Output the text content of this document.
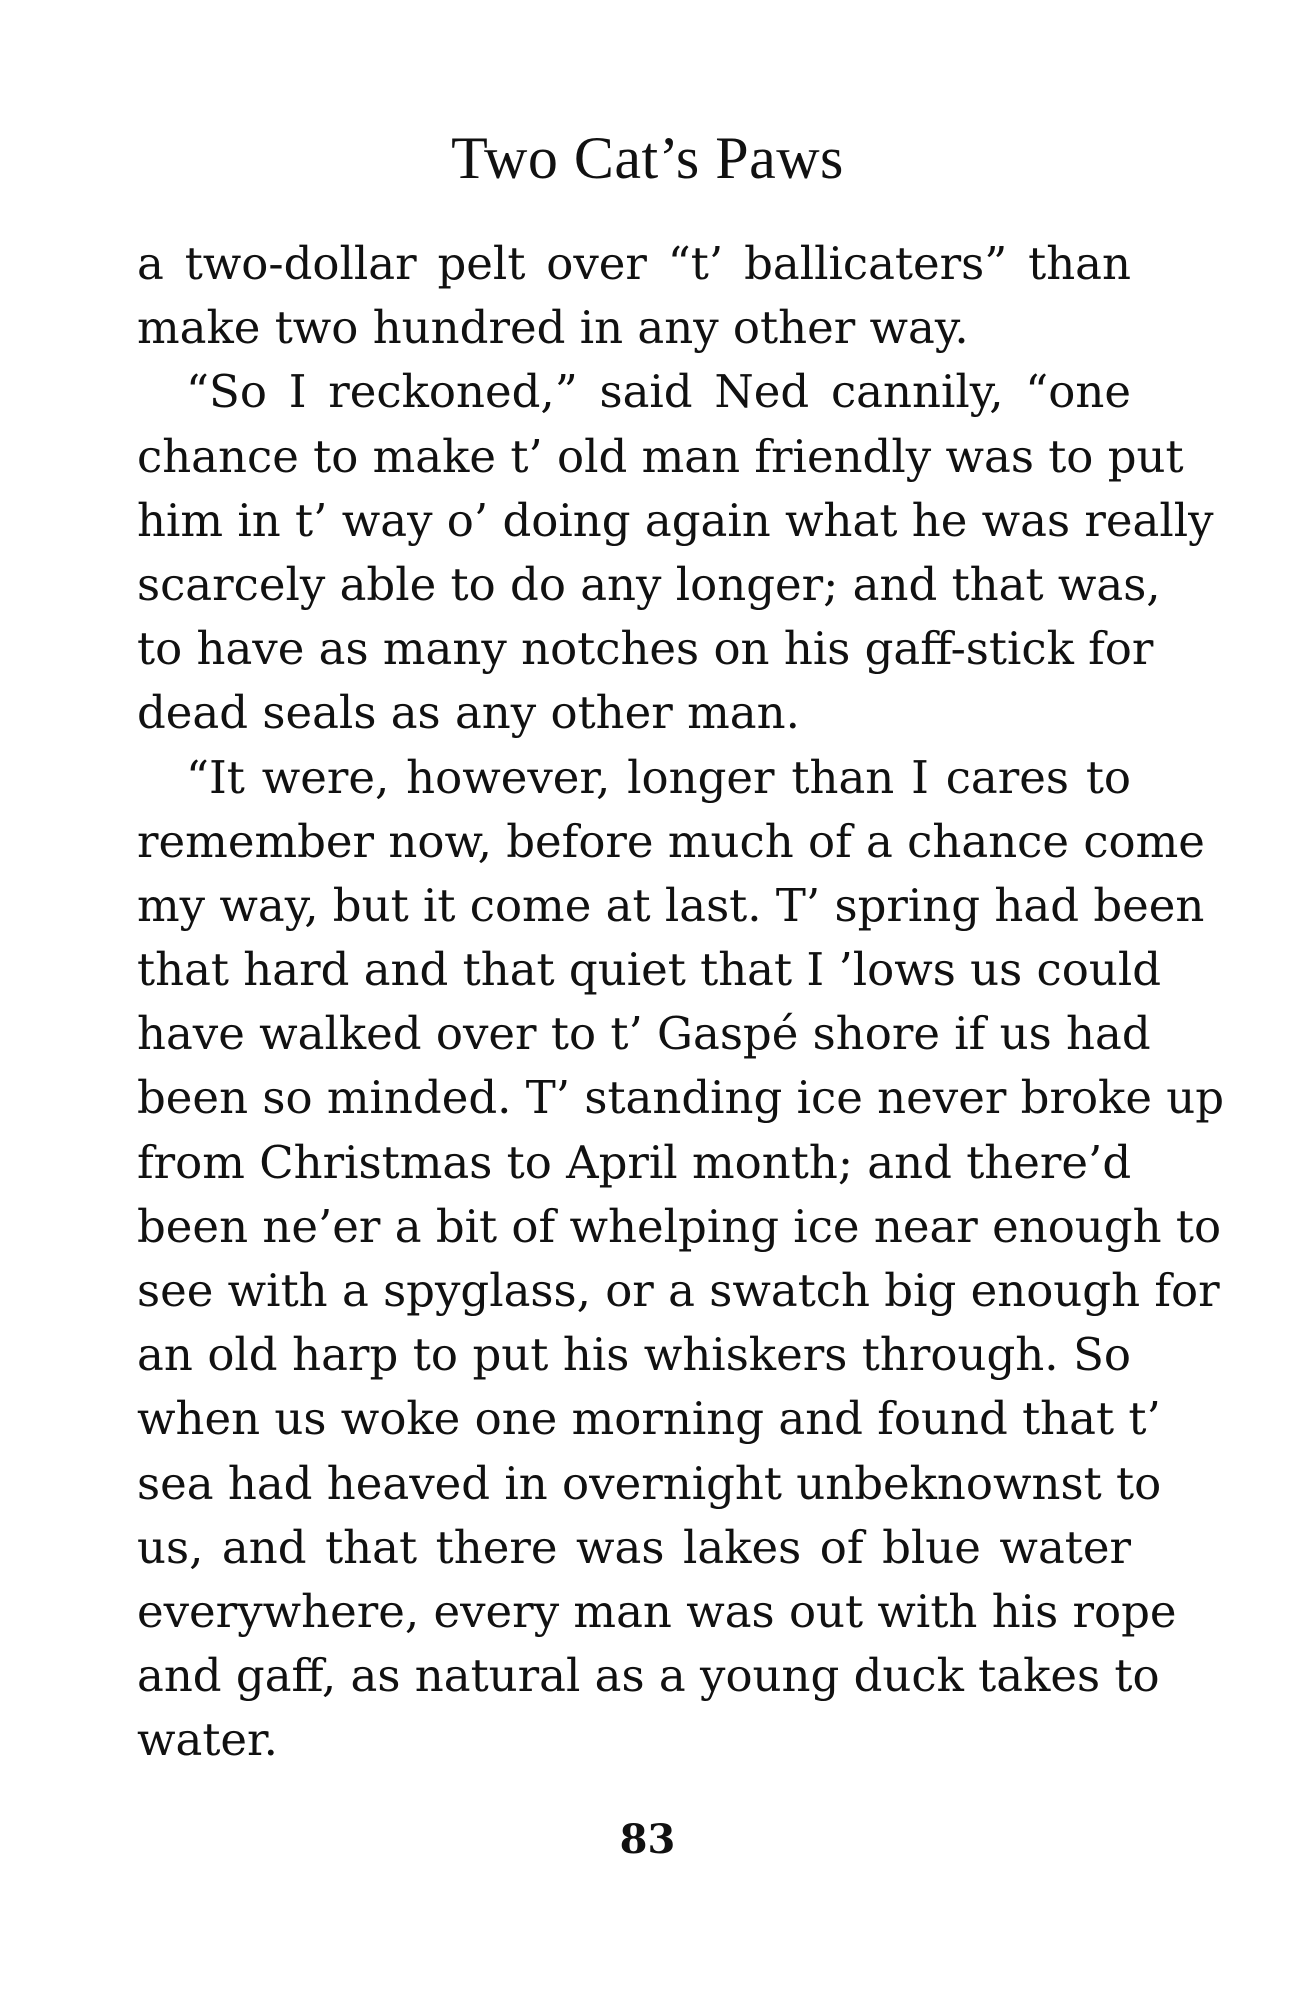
Two Cat’s Paws
a two-dollar pelt over “t’ ballicaters” than
make two hundred in any other way.
“So I reckoned,” said Ned cannily, “one
chance to make t’ old man friendly was to put
him in t’ way o’ doing again what he was really
scarcely able to do any longer; and that was,
to have as many notches on his gaff-stick for
dead seals as any other man.
“It were, however, longer than I cares to
remember now, before much of a chance come
my way, but it come at last. T’ spring had been
that hard and that quiet that I ’lows us could
have walked over to t’ Gaspé shore if us had
been so minded. T’ standing ice never broke up
from Christmas to April month; and there’d
been ne’er a bit of whelping ice near enough to
see with a spyglass, or a swatch big enough for
an old harp to put his whiskers through. So
when us woke one morning and found that t’
sea had heaved in overnight unbeknownst to
us, and that there was lakes of blue water
everywhere, every man was out with his rope
and gaff, as natural as a young duck takes to
water.
83
